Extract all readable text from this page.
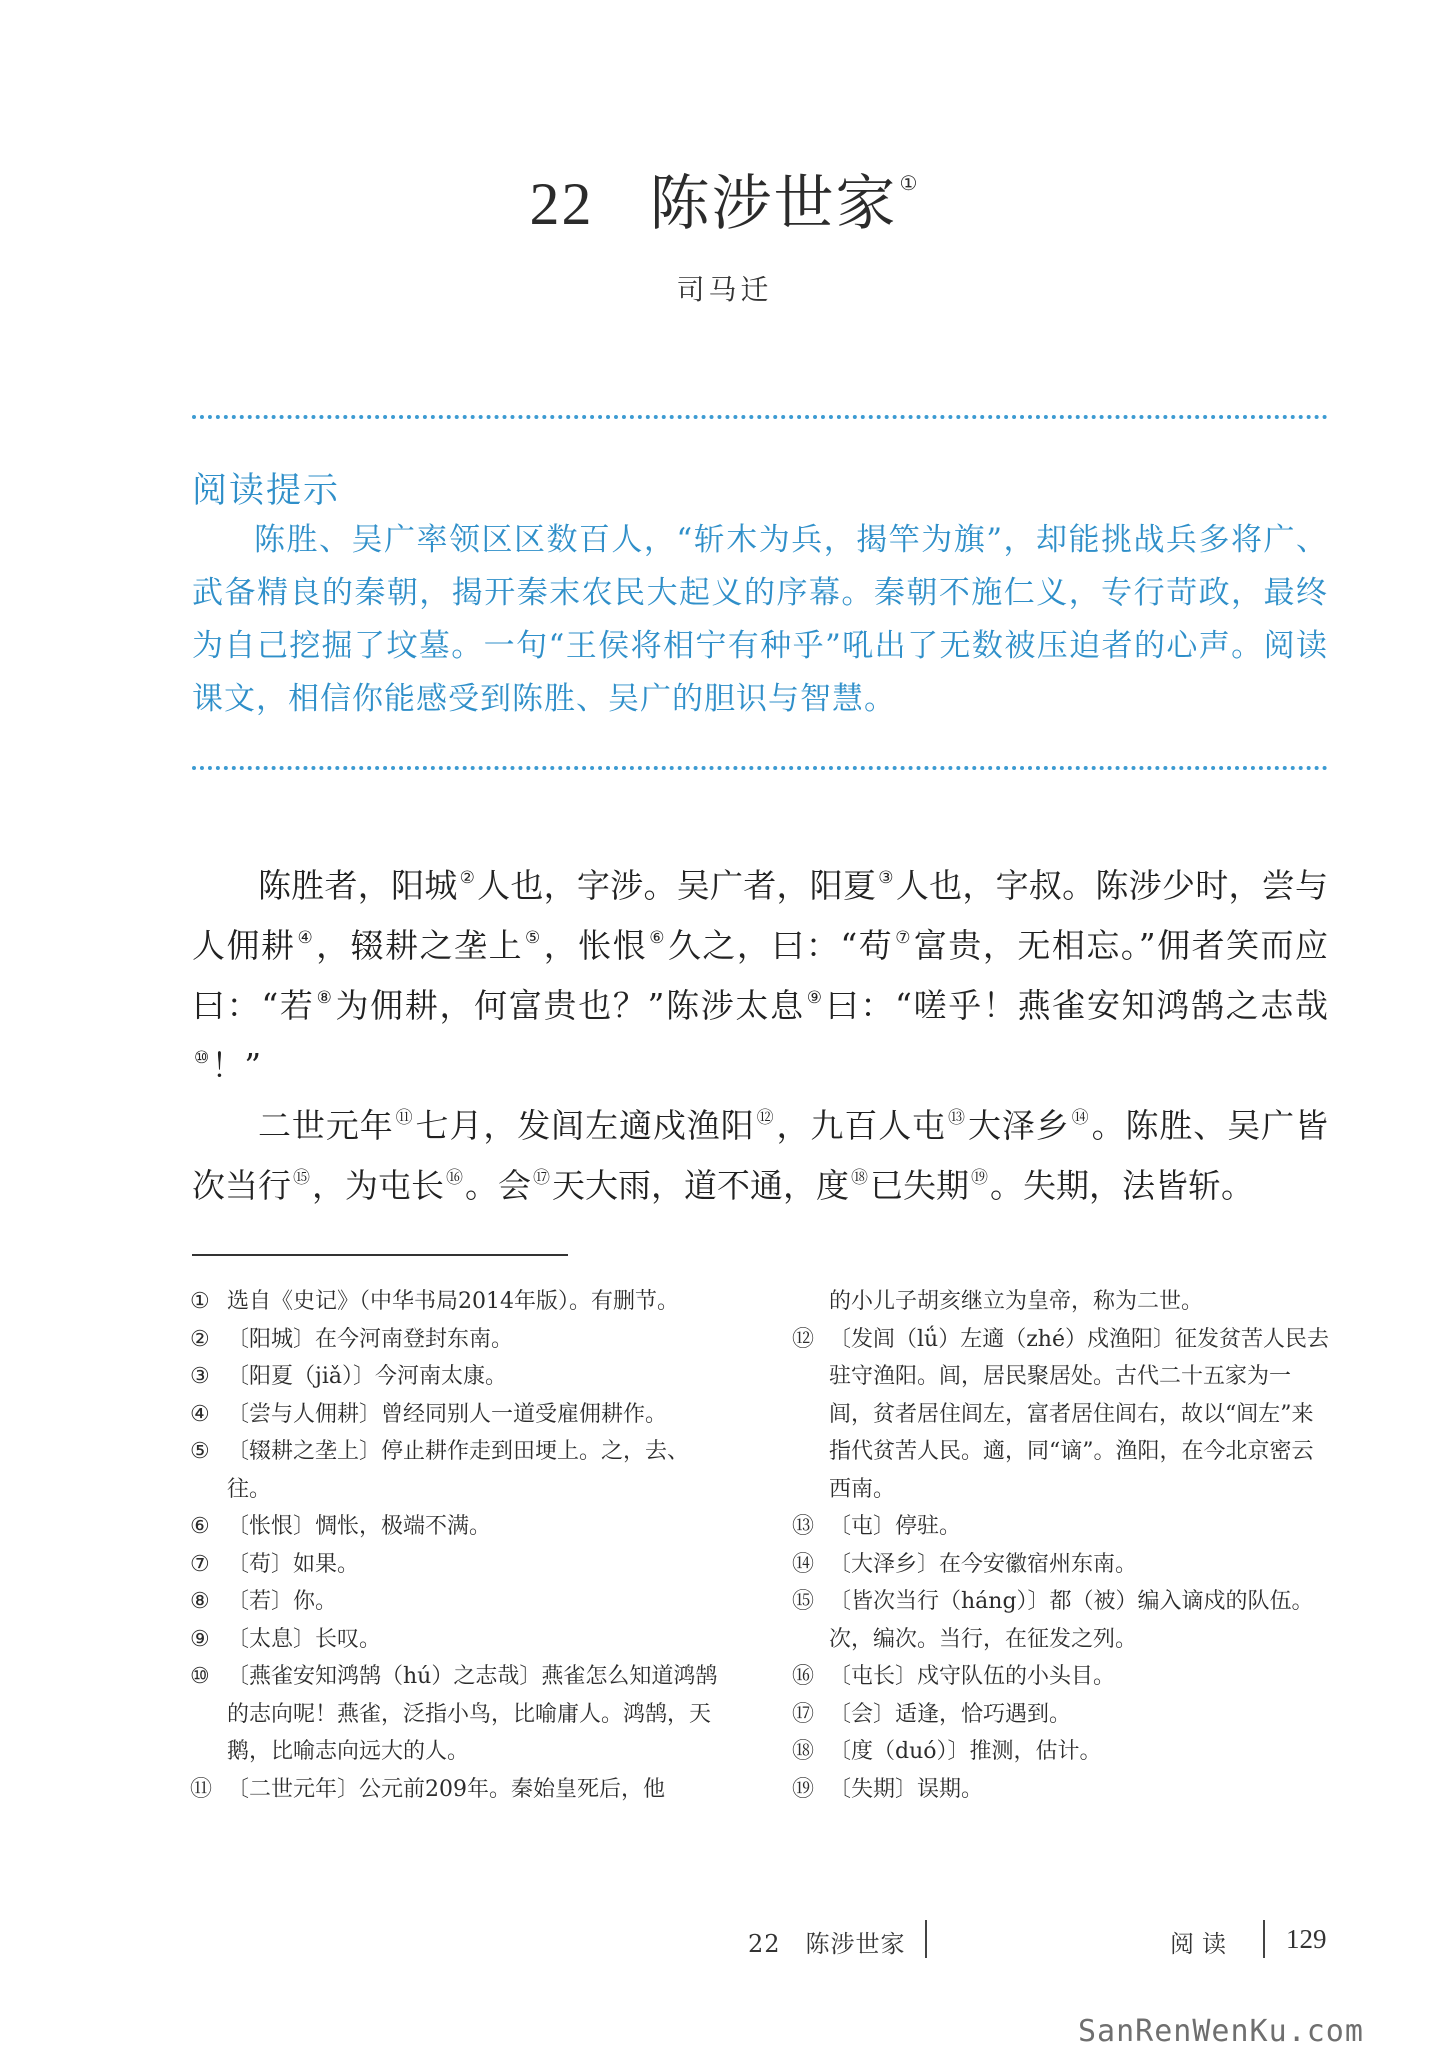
22 陈涉世家 ①
司马迁
阅读提示

陈胜、吴广率领区区数百人，“斩木为兵，揭竿为旗”，却能挑战兵多将广、武备精良的秦朝，揭开秦末农民大起义的序幕。秦朝不施仁义，专行苛政，最终为自己挖掘了坟墓。一句“王侯将相宁有种乎”吼出了无数被压迫者的心声。阅读课文，相信你能感受到陈胜、吴广的胆识与智慧。

陈胜者，阳城 ②人也，字涉。吴广者，阳夏 ③人也，字叔。陈涉少时，尝与人佣耕 ④，辍耕之垄上 ⑤，怅恨 ⑥久之，曰：“苟 ⑦富贵，无相忘。”佣者笑而应曰：“若 ⑧为佣耕，何富贵也？”陈涉太息 ⑨曰：“嗟乎！燕雀安知鸿鹄之志哉⑩！”

二世元年 ⑪七月，发闾左適戍渔阳 ⑫，九百人屯 ⑬大泽乡 ⑭。陈胜、吴广皆次当行 ⑮，为屯长 ⑯。会 ⑰天大雨，道不通，度 ⑱已失期 ⑲。失期，法皆斩。

① 选自《史记》（中华书局2014年版）。有删节。
② 〔阳城〕在今河南登封东南。
③ 〔阳夏（jiǎ）〕今河南太康。
④ 〔尝与人佣耕〕曾经同别人一道受雇佣耕作。
⑤ 〔辍耕之垄上〕停止耕作走到田埂上。之，去、往。
⑥ 〔怅恨〕惆怅，极端不满。
⑦ 〔苟〕如果。
⑧ 〔若〕你。
⑨ 〔太息〕长叹。
⑩ 〔燕雀安知鸿鹄（hú）之志哉〕燕雀怎么知道鸿鹄的志向呢！燕雀，泛指小鸟，比喻庸人。鸿鹄，天鹅，比喻志向远大的人。
⑪ 〔二世元年〕公元前209年。秦始皇死后，他
的小儿子胡亥继立为皇帝，称为二世。
⑫ 〔发闾（lǘ）左適（zhé）戍渔阳〕征发贫苦人民去驻守渔阳。闾，居民聚居处。古代二十五家为一闾，贫者居住闾左，富者居住闾右，故以“闾左”来指代贫苦人民。適，同“谪”。渔阳，在今北京密云西南。
⑬ 〔屯〕停驻。
⑭ 〔大泽乡〕在今安徽宿州东南。
⑮ 〔皆次当行（háng）〕都（被）编入谪戍的队伍。次，编次。当行，在征发之列。
⑯ 〔屯长〕戍守队伍的小头目。
⑰ 〔会〕适逢，恰巧遇到。
⑱ 〔度（duó）〕推测，估计。
⑲ 〔失期〕误期。
22　陈涉世家	阅读 129
SanRenWenKu.com
